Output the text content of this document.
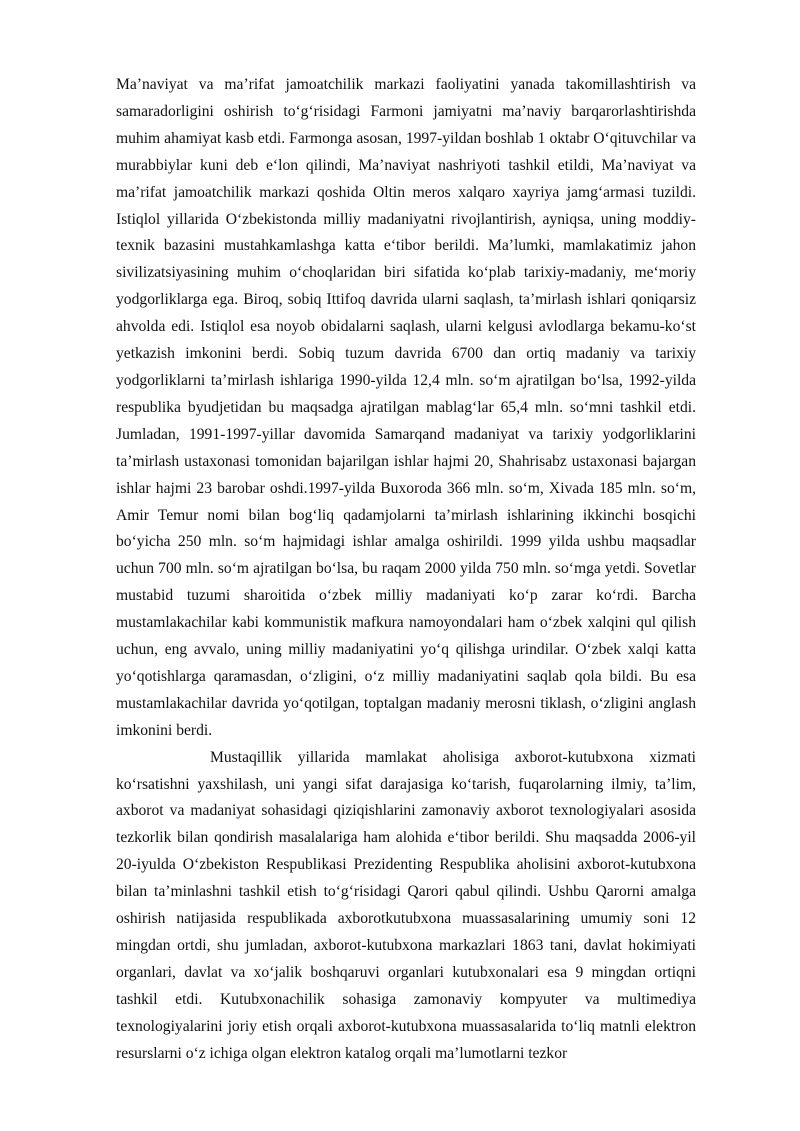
Ma’naviyat va ma’rifat jamoatchilik markazi faoliyatini yanada takomillashtirish va samaradorligini oshirish to‘g‘risidagi Farmoni jamiyatni ma’naviy barqarorlashtirishda muhim ahamiyat kasb etdi. Farmonga asosan, 1997-yildan boshlab 1 oktabr O‘qituvchilar va murabbiylar kuni deb e‘lon qilindi, Ma’naviyat nashriyoti tashkil etildi, Ma’naviyat va ma’rifat jamoatchilik markazi qoshida Oltin meros xalqaro xayriya jamg‘armasi tuzildi. Istiqlol yillarida O‘zbekistonda milliy madaniyatni rivojlantirish, ayniqsa, uning moddiy-texnik bazasini mustahkamlashga katta e‘tibor berildi. Ma’lumki, mamlakatimiz jahon sivilizatsiyasining muhim o‘choqlaridan biri sifatida ko‘plab tarixiy-madaniy, me‘moriy yodgorliklarga ega. Biroq, sobiq Ittifoq davrida ularni saqlash, ta’mirlash ishlari qoniqarsiz ahvolda edi. Istiqlol esa noyob obidalarni saqlash, ularni kelgusi avlodlarga bekamu-ko‘st yetkazish imkonini berdi. Sobiq tuzum davrida 6700 dan ortiq madaniy va tarixiy yodgorliklarni ta’mirlash ishlariga 1990-yilda 12,4 mln. so‘m ajratilgan bo‘lsa, 1992-yilda respublika byudjetidan bu maqsadga ajratilgan mablag‘lar 65,4 mln. so‘mni tashkil etdi. Jumladan, 1991-1997-yillar davomida Samarqand madaniyat va tarixiy yodgorliklarini ta’mirlash ustaxonasi tomonidan bajarilgan ishlar hajmi 20, Shahrisabz ustaxonasi bajargan ishlar hajmi 23 barobar oshdi.1997-yilda Buxoroda 366 mln. so‘m, Xivada 185 mln. so‘m, Amir Temur nomi bilan bog‘liq qadamjolarni ta’mirlash ishlarining ikkinchi bosqichi bo‘yicha 250 mln. so‘m hajmidagi ishlar amalga oshirildi. 1999 yilda ushbu maqsadlar uchun 700 mln. so‘m ajratilgan bo‘lsa, bu raqam 2000 yilda 750 mln. so‘mga yetdi. Sovetlar mustabid tuzumi sharoitida o‘zbek milliy madaniyati ko‘p zarar ko‘rdi. Barcha mustamlakachilar kabi kommunistik mafkura namoyondalari ham o‘zbek xalqini qul qilish uchun, eng avvalo, uning milliy madaniyatini yo‘q qilishga urindilar. O‘zbek xalqi katta yo‘qotishlarga qaramasdan, o‘zligini, o‘z milliy madaniyatini saqlab qola bildi. Bu esa mustamlakachilar davrida yo‘qotilgan, toptalgan madaniy merosni tiklash, o‘zligini anglash imkonini berdi.

Mustaqillik yillarida mamlakat aholisiga axborot-kutubxona xizmati ko‘rsatishni yaxshilash, uni yangi sifat darajasiga ko‘tarish, fuqarolarning ilmiy, ta’lim, axborot va madaniyat sohasidagi qiziqishlarini zamonaviy axborot texnologiyalari asosida tezkorlik bilan qondirish masalalariga ham alohida e‘tibor berildi. Shu maqsadda 2006-yil 20-iyulda O‘zbekiston Respublikasi Prezidenting Respublika aholisini axborot-kutubxona bilan ta’minlashni tashkil etish to‘g‘risidagi Qarori qabul qilindi. Ushbu Qarorni amalga oshirish natijasida respublikada axborotkutubxona muassasalarining umumiy soni 12 mingdan ortdi, shu jumladan, axborot-kutubxona markazlari 1863 tani, davlat hokimiyati organlari, davlat va xo‘jalik boshqaruvi organlari kutubxonalari esa 9 mingdan ortiqni tashkil etdi. Kutubxonachilik sohasiga zamonaviy kompyuter va multimediya texnologiyalarini joriy etish orqali axborot-kutubxona muassasalarida to‘liq matnli elektron resurslarni o‘z ichiga olgan elektron katalog orqali ma’lumotlarni tezkor
